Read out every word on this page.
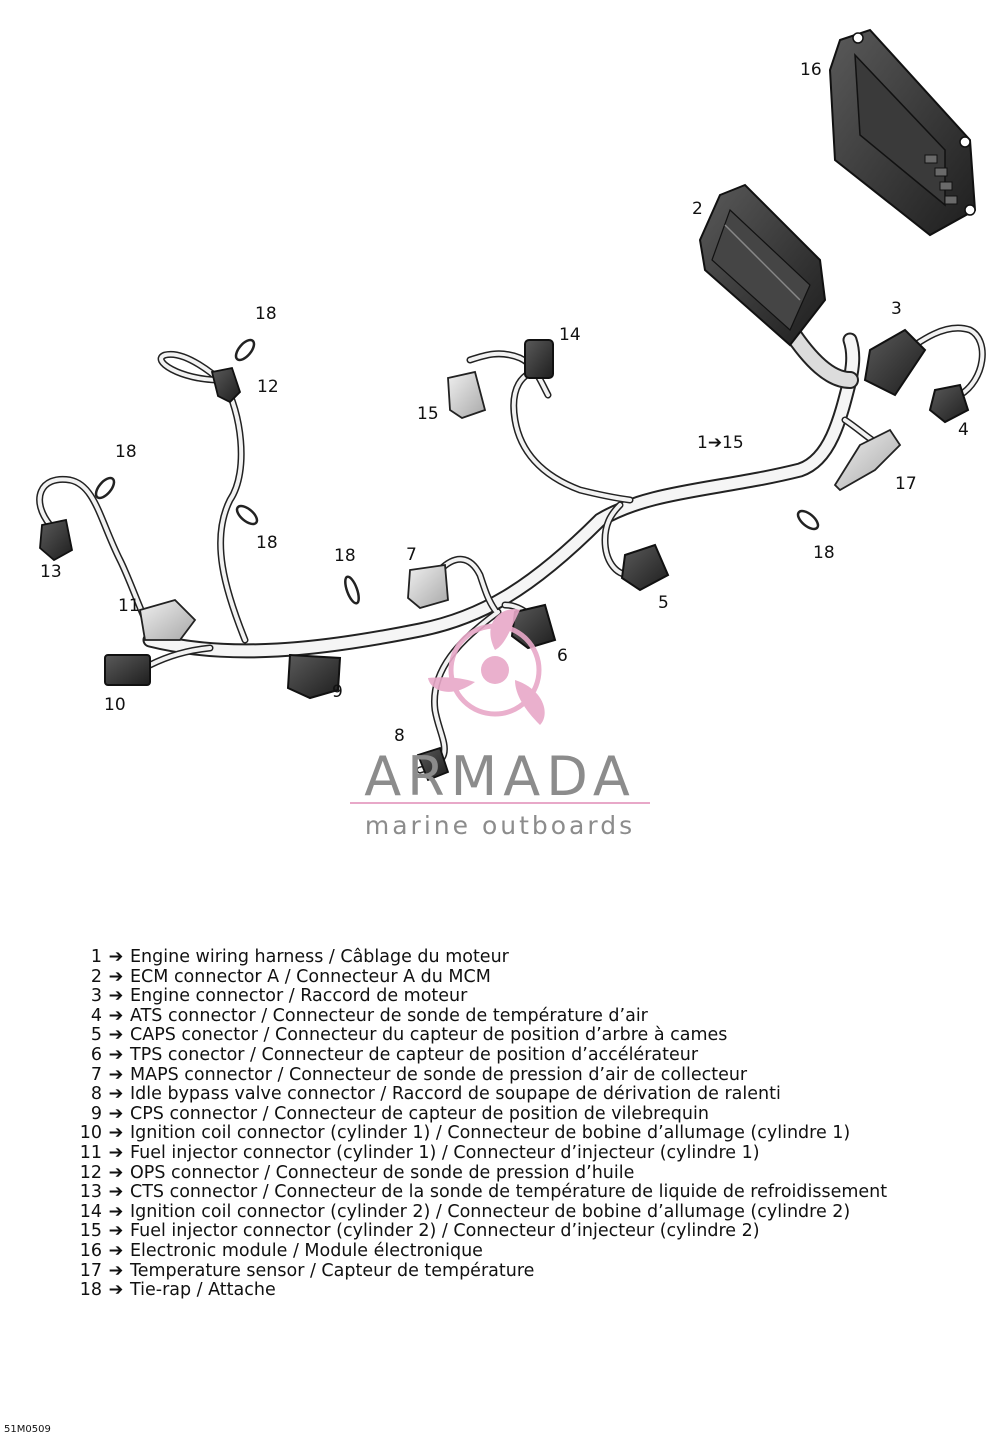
ARMADA
marine outboards
16
2
3
4
1➔15
17
18
12
14
15
18
13
18
18	7	18
5
11
6
10
9
8
1 ➔ Engine wiring harness / Câblage du moteur
2 ➔ ECM connector A / Connecteur A du MCM
3 ➔ Engine connector / Raccord de moteur
4 ➔ ATS connector / Connecteur de sonde de température d’air
5 ➔ CAPS conector / Connecteur du capteur de position d’arbre à cames
6 ➔ TPS conector / Connecteur de capteur de position d’accélérateur
7 ➔ MAPS connector / Connecteur de sonde de pression d’air de collecteur
8 ➔ Idle bypass valve connector / Raccord de soupape de dérivation de ralenti
9 ➔ CPS connector / Connecteur de capteur de position de vilebrequin
10 ➔ Ignition coil connector (cylinder 1) / Connecteur de bobine d’allumage (cylindre 1)
11 ➔ Fuel injector connector (cylinder 1) / Connecteur d’injecteur (cylindre 1)
12 ➔ OPS connector / Connecteur de sonde de pression d’huile
13 ➔ CTS connector / Connecteur de la sonde de température de liquide de refroidissement
14 ➔ Ignition coil connector (cylinder 2) / Connecteur de bobine d’allumage (cylindre 2)
15 ➔ Fuel injector connector (cylinder 2) / Connecteur d’injecteur (cylindre 2)
16 ➔ Electronic module / Module électronique
17 ➔ Temperature sensor / Capteur de température
18 ➔ Tie-rap / Attache
51M0509
